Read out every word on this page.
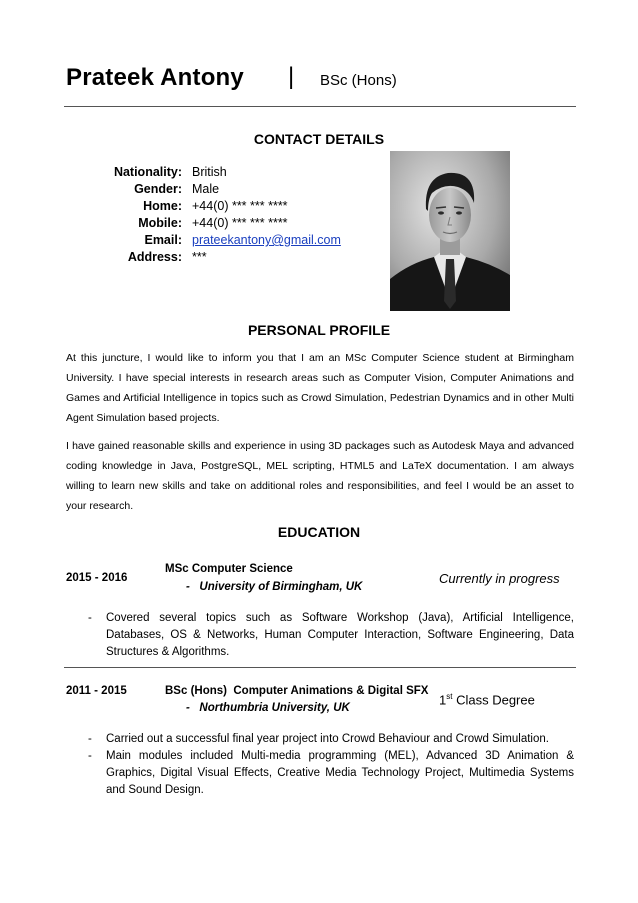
Prateek Antony | BSc (Hons)
CONTACT DETAILS
Nationality: British
Gender: Male
Home: +44(0) *** *** ****
Mobile: +44(0) *** *** ****
Email: prateekantony@gmail.com
Address: ***
PERSONAL PROFILE
At this juncture, I would like to inform you that I am an MSc Computer Science student at Birmingham University. I have special interests in research areas such as Computer Vision, Computer Animations and Games and Artificial Intelligence in topics such as Crowd Simulation, Pedestrian Dynamics and in other Multi Agent Simulation based projects.
I have gained reasonable skills and experience in using 3D packages such as Autodesk Maya and advanced coding knowledge in Java, PostgreSQL, MEL scripting, HTML5 and LaTeX documentation. I am always willing to learn new skills and take on additional roles and responsibilities, and feel I would be an asset to your research.
EDUCATION
2015 - 2016
MSc Computer Science
-   University of Birmingham, UK
Currently in progress
- Covered several topics such as Software Workshop (Java), Artificial Intelligence, Databases, OS & Networks, Human Computer Interaction, Software Engineering, Data Structures & Algorithms.
2011 - 2015	BSc (Hons)  Computer Animations & Digital SFX
-   Northumbria University, UK
1st Class Degree
- Carried out a successful final year project into Crowd Behaviour and Crowd Simulation.
- Main modules included Multi-media programming (MEL), Advanced 3D Animation & Graphics, Digital Visual Effects, Creative Media Technology Project, Multimedia Systems and Sound Design.
